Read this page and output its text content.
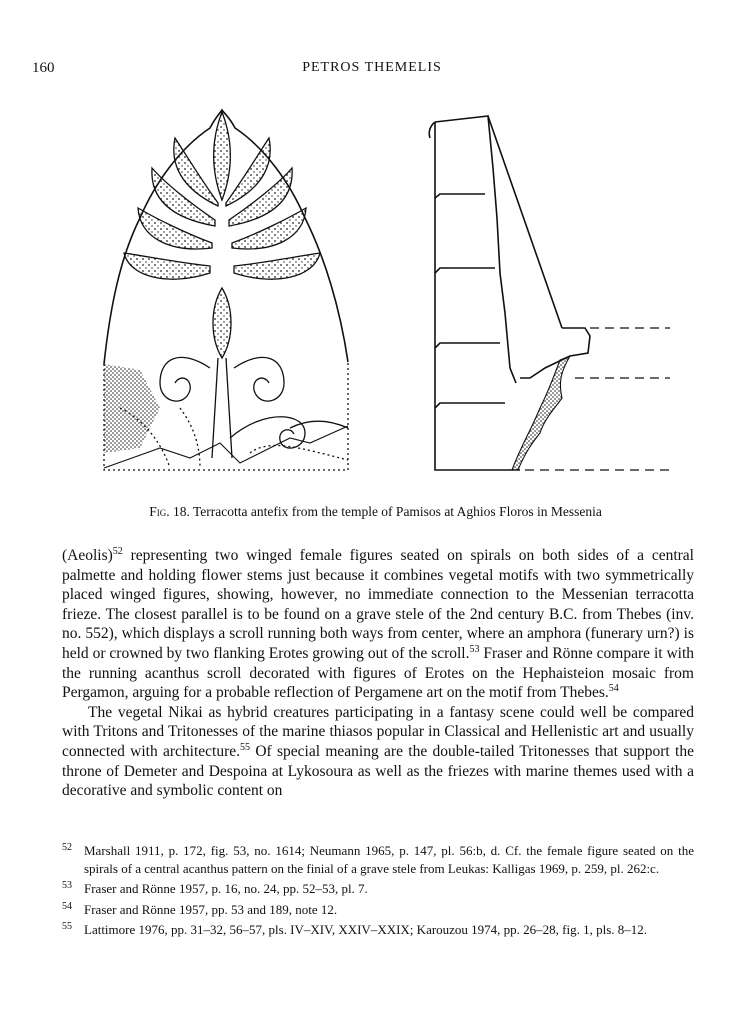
160	PETROS THEMELIS
Fig. 18. Terracotta antefix from the temple of Pamisos at Aghios Floros in Messenia

(Aeolis)$^{52}$ representing two winged female figures seated on spirals on both sides of a central palmette and holding flower stems just because it combines vegetal motifs with two symmetrically placed winged figures, showing, however, no immediate connection to the Messenian terracotta frieze. The closest parallel is to be found on a grave stele of the 2nd century B.C. from Thebes (inv. no. 552), which displays a scroll running both ways from center, where an amphora (funerary urn?) is held or crowned by two flanking Erotes growing out of the scroll.$^{53}$ Fraser and Rönne compare it with the running acanthus scroll decorated with figures of Erotes on the Hephaisteion mosaic from Pergamon, arguing for a probable reflection of Pergamene art on the motif from Thebes.$^{54}$

The vegetal Nikai as hybrid creatures participating in a fantasy scene could well be compared with Tritons and Tritonesses of the marine thiasos popular in Classical and Hellenistic art and usually connected with architecture.$^{55}$ Of special meaning are the double-tailed Tritonesses that support the throne of Demeter and Despoina at Lykosoura as well as the friezes with marine themes used with a decorative and symbolic content on

52 Marshall 1911, p. 172, fig. 53, no. 1614; Neumann 1965, p. 147, pl. 56:b, d. Cf. the female figure seated on the spirals of a central acanthus pattern on the finial of a grave stele from Leukas: Kalligas 1969, p. 259, pl. 262:c.

53 Fraser and Rönne 1957, p. 16, no. 24, pp. 52–53, pl. 7.

54 Fraser and Rönne 1957, pp. 53 and 189, note 12.

55 Lattimore 1976, pp. 31–32, 56–57, pls. IV–XIV, XXIV–XXIX; Karouzou 1974, pp. 26–28, fig. 1, pls. 8–12.
